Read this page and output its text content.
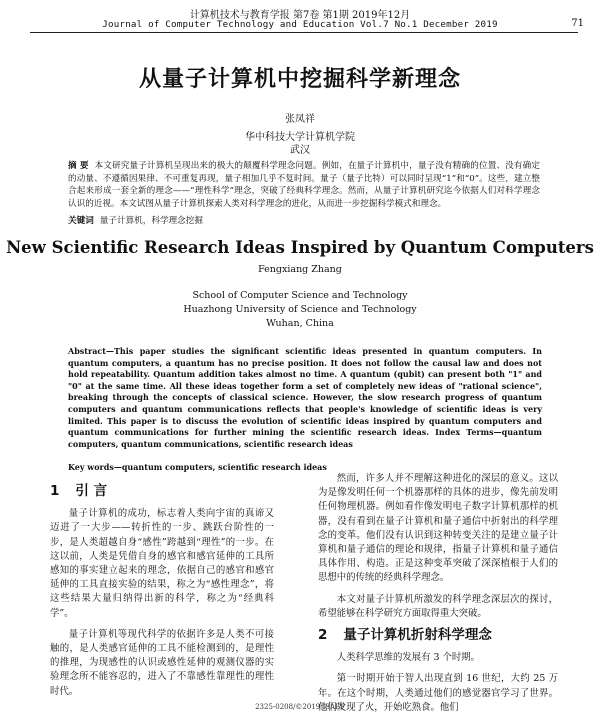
计算机技术与教育学报 第7卷 第1期 2019年12月
Journal of Computer Technology and Education Vol.7 No.1 December 2019	71
从量子计算机中挖掘科学新理念
张凤祥
华中科技大学计算机学院
武汉
摘 要 本文研究量子计算机呈现出来的极大的颠覆科学理念问题。例如，在量子计算机中，量子没有精确的位置、没有确定的动量、不遵循因果律、不可重复再现，量子相加几乎不复时间。量子（量子比特）可以同时呈现“1”和“0”。这些，建立整合起来形成一套全新的理念——“理性科学”理念，突破了经典科学理念。然而，从量子计算机研究迄今依据人们对科学理念认识的近视。本文试图从量子计算机探索人类对科学理念的进化，从而进一步挖掘科学模式和理念。
关键词 量子计算机，科学理念挖掘
New Scientific Research Ideas Inspired by Quantum Computers
Fengxiang Zhang
School of Computer Science and Technology
Huazhong University of Science and Technology
Wuhan, China
Abstract—This paper studies the significant scientific ideas presented in quantum computers. In quantum computers, a quantum has no precise position. It does not follow the causal law and does not hold repeatability. Quantum addition takes almost no time. A quantum (qubit) can present both "1" and "0" at the same time. All these ideas together form a set of completely new ideas of "rational science", breaking through the concepts of classical science. However, the slow research progress of quantum computers and quantum communications reflects that people's knowledge of scientific ideas is very limited. This paper is to discuss the evolution of scientific ideas inspired by quantum computers and quantum communications for further mining the scientific research ideas. Index Terms—quantum computers, quantum communications, scientific research ideas
Key words—quantum computers, scientific research ideas
1 引 言

量子计算机的成功，标志着人类向宇宙的真谛又迈进了一大步——转折性的一步、跳跃台阶性的一步，是人类超越自身“感性”跨越到“理性”的一步。在这以前，人类是凭借自身的感官和感官延伸的工具所感知的事实建立起来的理念，依据自己的感官和感官延伸的工具直接实验的结果，称之为“感性理念”，将这些结果大量归纳得出新的科学，称之为“经典科学”。

量子计算机等现代科学的依据许多是人类不可接触的，是人类感官延伸的工具不能检测到的，是理性的推理，为现感性的认识或感性延伸的观测仪器的实验理念所不能容忍的，进入了不靠感性靠理性的理性时代。

然而，许多人并不理解这种进化的深层的意义。这以为是像发明任何一个机器那样的具体的进步，像先前发明任何物理机器。例如看作像发明电子数字计算机那样的机器，没有看到在量子计算机和量子通信中折射出的科学理念的变革。他们没有认识到这种转变关注的是建立量子计算机和量子通信的理论和规律，指量子计算机和量子通信具体作用、构造。正是这种变革突破了深深植根于人们的思想中的传统的经典科学理念。

本文对量子计算机所激发的科学理念深层次的探讨，希望能够在科学研究方面取得重大突破。

2 量子计算机折射科学理念

人类科学思维的发展有 3 个时期。

第一时期开始于智人出现直到 16 世纪，大约 25 万年。在这个时期，人类通过他们的感觉器官学习了世界。他们发现了火，开始吃熟食。他们

2325-0208/©2019 ISAEP
